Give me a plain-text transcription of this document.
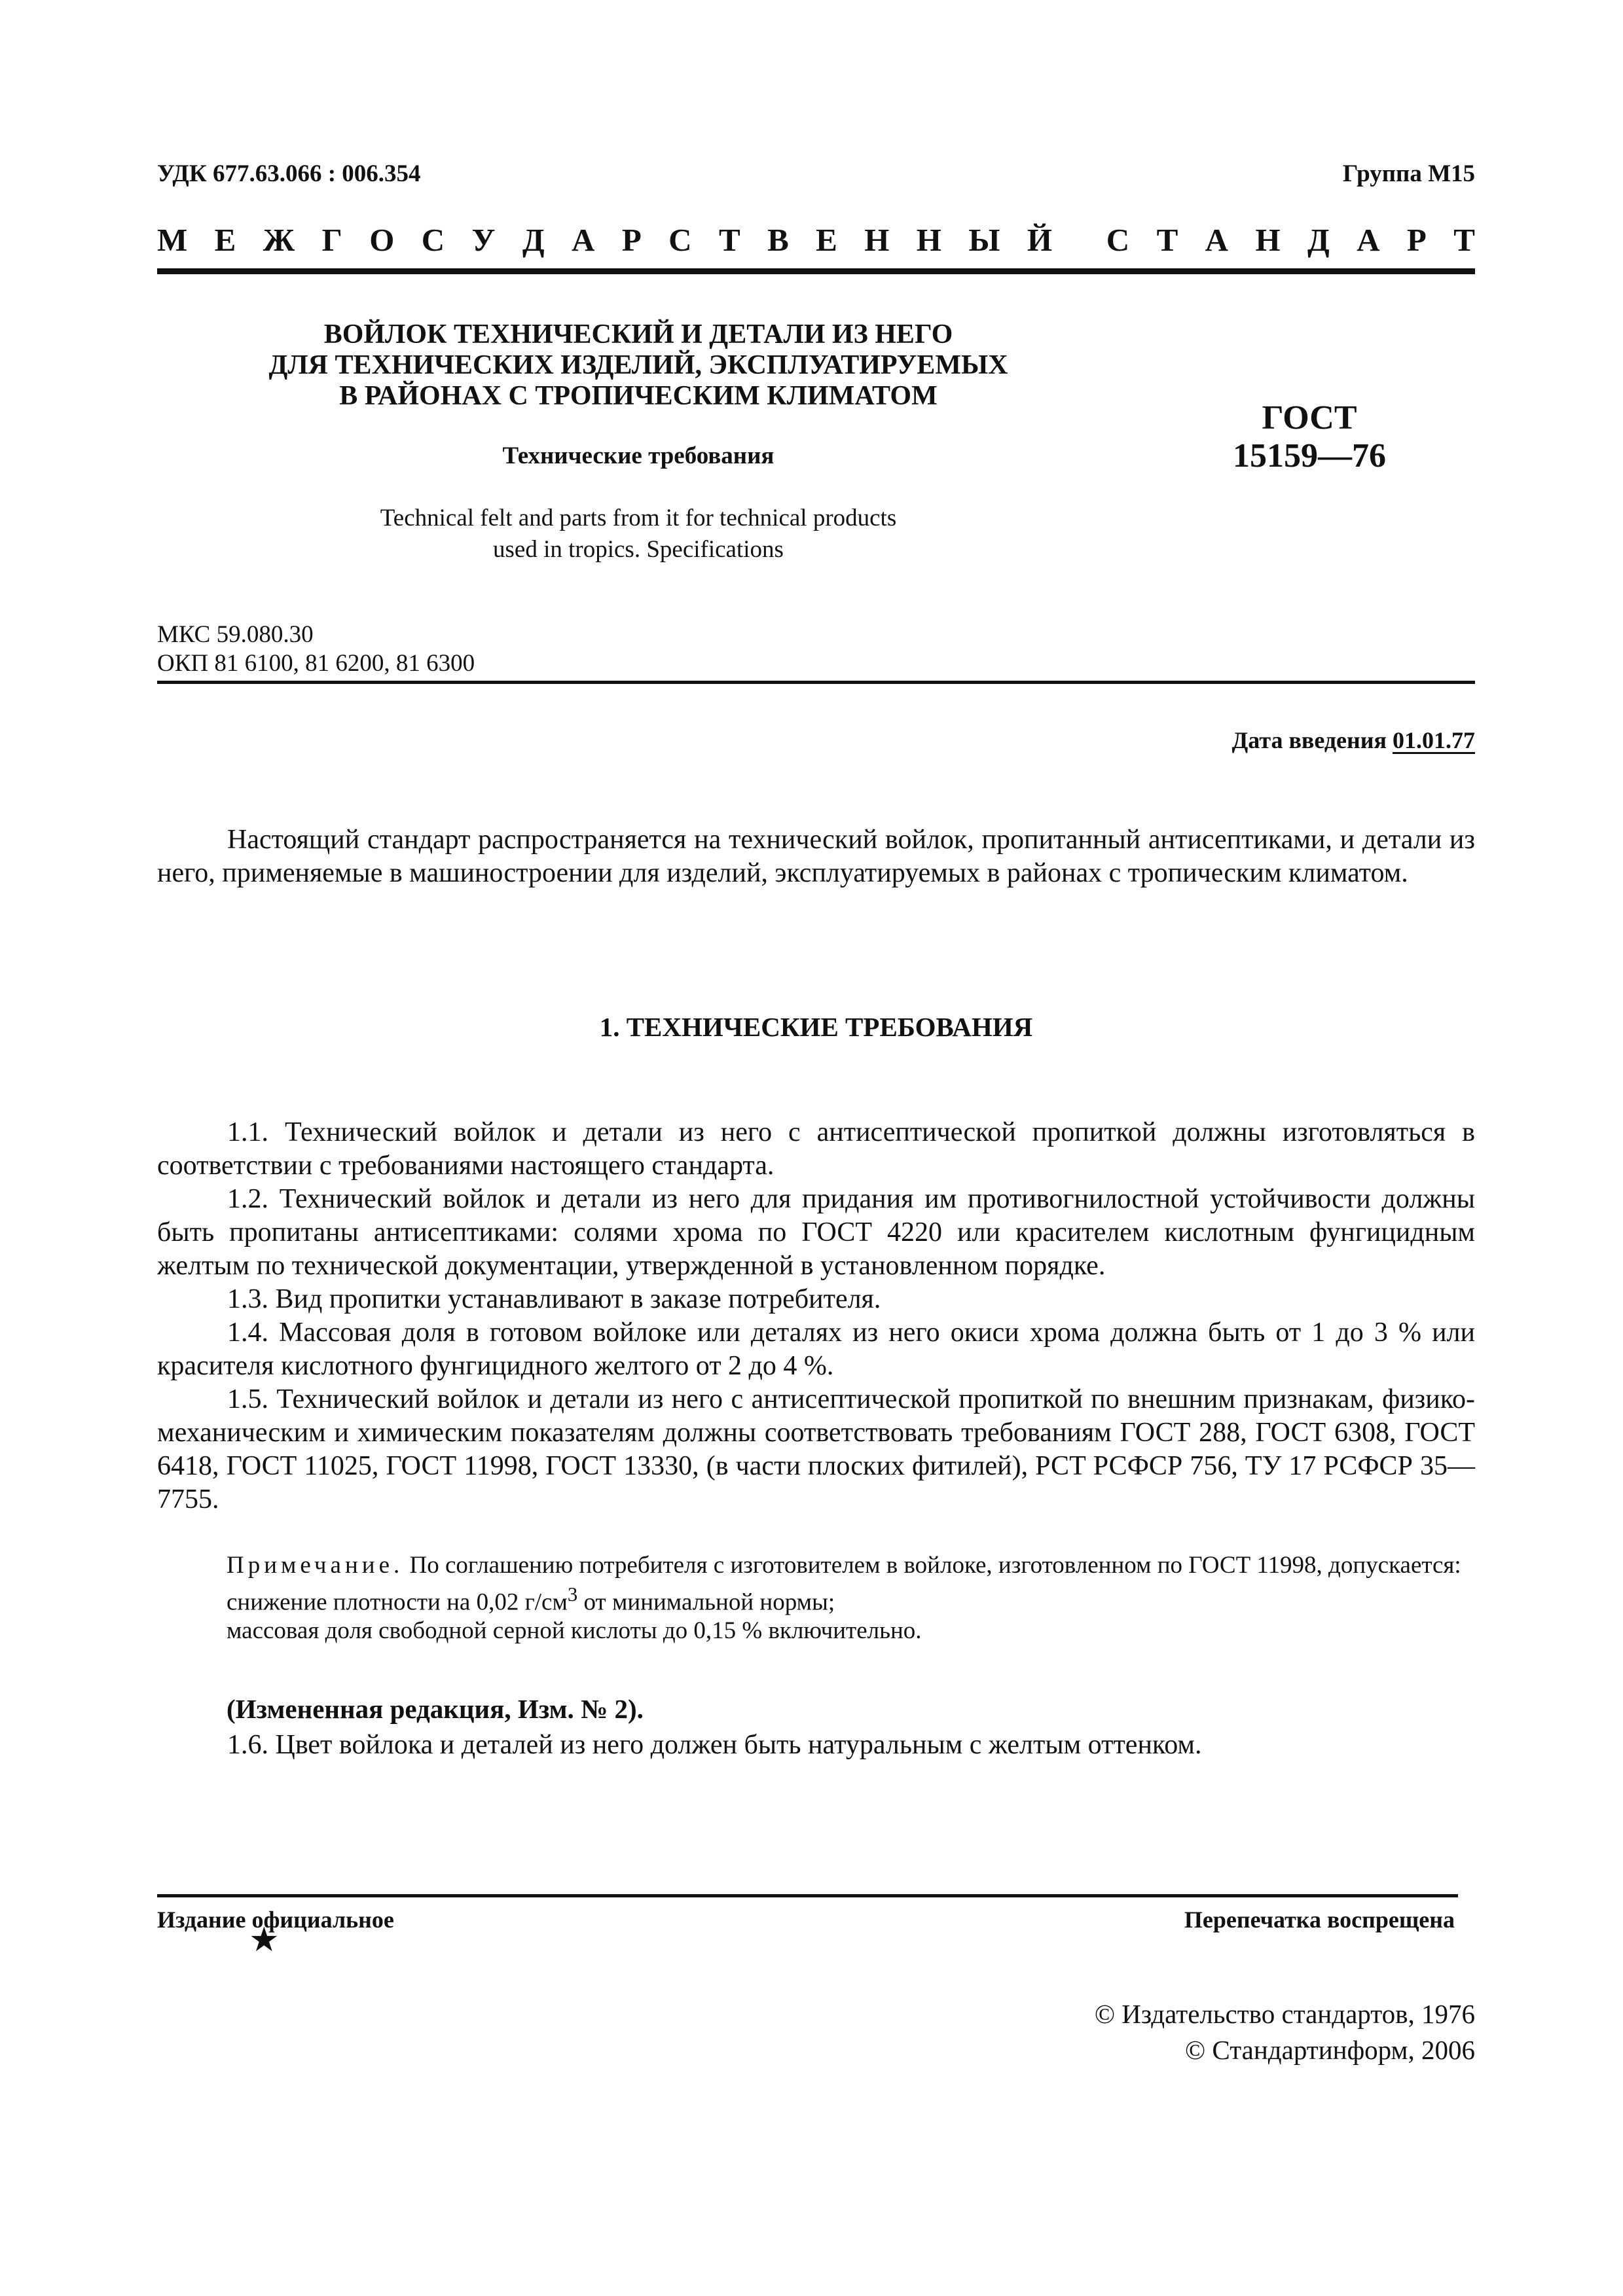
УДК 677.63.066 : 006.354	Группа М15
М Е Ж Г О С У Д А Р С Т В Е Н Н Ы Й С Т А Н Д А Р Т
ВОЙЛОК ТЕХНИЧЕСКИЙ И ДЕТАЛИ ИЗ НЕГО
ДЛЯ ТЕХНИЧЕСКИХ ИЗДЕЛИЙ, ЭКСПЛУАТИРУЕМЫХ
В РАЙОНАХ С ТРОПИЧЕСКИМ КЛИМАТОМ
Технические требования
Technical felt and parts from it for technical products
used in tropics. Specifications
ГОСТ
15159—76
МКС 59.080.30
ОКП 81 6100, 81 6200, 81 6300
Дата введения 01.01.77

Настоящий стандарт распространяется на технический войлок, пропитанный антисептиками, и детали из него, применяемые в машиностроении для изделий, эксплуатируемых в районах с тропическим климатом.

1. ТЕХНИЧЕСКИЕ ТРЕБОВАНИЯ

1.1. Технический войлок и детали из него с антисептической пропиткой должны изготовляться в соответствии с требованиями настоящего стандарта.

1.2. Технический войлок и детали из него для придания им противогнилостной устойчивости должны быть пропитаны антисептиками: солями хрома по ГОСТ 4220 или красителем кислотным фунгицидным желтым по технической документации, утвержденной в установленном порядке.

1.3. Вид пропитки устанавливают в заказе потребителя.

1.4. Массовая доля в готовом войлоке или деталях из него окиси хрома должна быть от 1 до 3 % или красителя кислотного фунгицидного желтого от 2 до 4 %.

1.5. Технический войлок и детали из него с антисептической пропиткой по внешним признакам, физико-механическим и химическим показателям должны соответствовать требованиям ГОСТ 288, ГОСТ 6308, ГОСТ 6418, ГОСТ 11025, ГОСТ 11998, ГОСТ 13330, (в части плоских фитилей), РСТ РСФСР 756, ТУ 17 РСФСР 35—7755.

Примечание. По соглашению потребителя с изготовителем в войлоке, изготовленном по ГОСТ 11998, допускается:

снижение плотности на 0,02 $г/см^3$ от минимальной нормы;

массовая доля свободной серной кислоты до 0,15 % включительно.

(Измененная редакция, Изм. № 2).

1.6. Цвет войлока и деталей из него должен быть натуральным с желтым оттенком.

Издание официальное
★
Перепечатка воспрещена
© Издательство стандартов, 1976
© Стандартинформ, 2006
